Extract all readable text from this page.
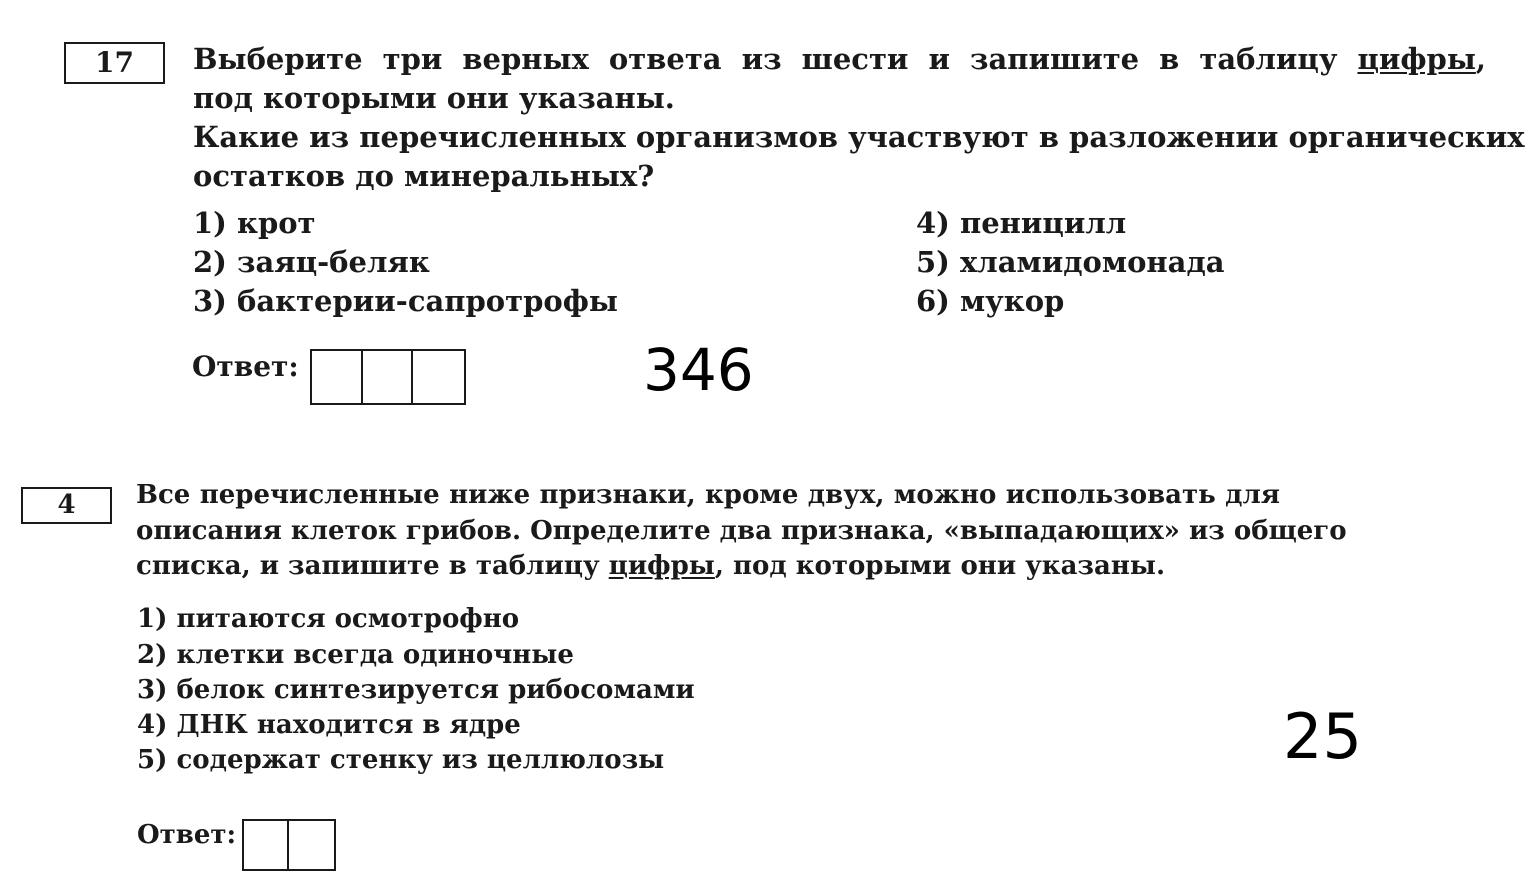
17	Выберите три верных ответа из шести и запишите в таблицу цифры,
под которыми они указаны.
Какие из перечисленных организмов участвуют в разложении органических
остатков до минеральных?
1) крот
2) заяц-беляк
3) бактерии-сапротрофы
4) пеницилл
5) хламидомонада
6) мукор
Ответ:	346
4	Все перечисленные ниже признаки, кроме двух, можно использовать для
описания клеток грибов. Определите два признака, «выпадающих» из общего
списка, и запишите в таблицу цифры, под которыми они указаны.
1) питаются осмотрофно
2) клетки всегда одиночные
3) белок синтезируется рибосомами
4) ДНК находится в ядре
5) содержат стенку из целлюлозы
Ответ:
25
